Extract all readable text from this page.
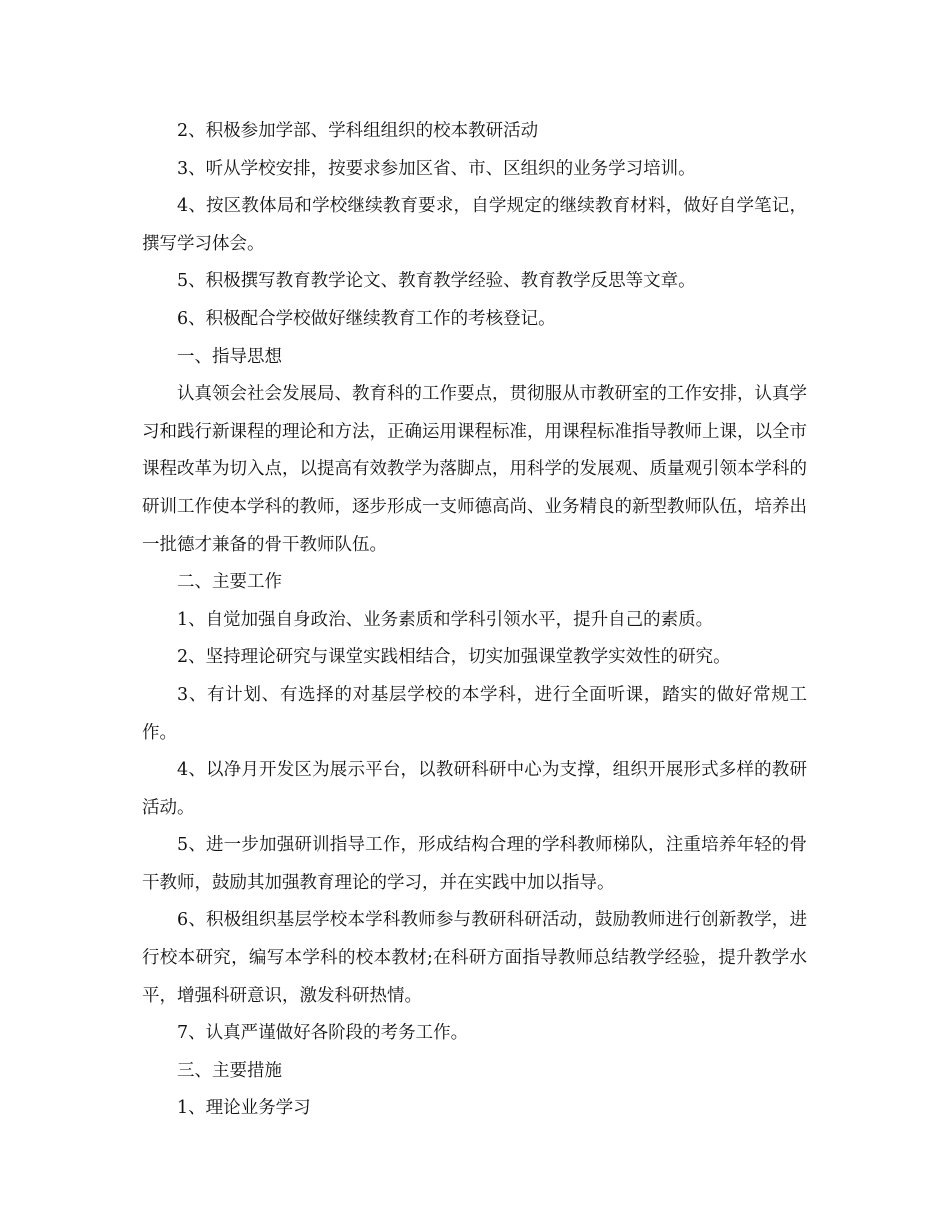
2、积极参加学部、学科组组织的校本教研活动

3、听从学校安排，按要求参加区省、市、区组织的业务学习培训。

4、按区教体局和学校继续教育要求，自学规定的继续教育材料，做好自学笔记，撰写学习体会。

5、积极撰写教育教学论文、教育教学经验、教育教学反思等文章。

6、积极配合学校做好继续教育工作的考核登记。

一、指导思想

认真领会社会发展局、教育科的工作要点，贯彻服从市教研室的工作安排，认真学习和践行新课程的理论和方法，正确运用课程标准，用课程标准指导教师上课，以全市课程改革为切入点，以提高有效教学为落脚点，用科学的发展观、质量观引领本学科的研训工作使本学科的教师，逐步形成一支师德高尚、业务精良的新型教师队伍，培养出一批德才兼备的骨干教师队伍。

二、主要工作

1、自觉加强自身政治、业务素质和学科引领水平，提升自己的素质。

2、坚持理论研究与课堂实践相结合，切实加强课堂教学实效性的研究。

3、有计划、有选择的对基层学校的本学科，进行全面听课，踏实的做好常规工作。

4、以净月开发区为展示平台，以教研科研中心为支撑，组织开展形式多样的教研活动。

5、进一步加强研训指导工作，形成结构合理的学科教师梯队，注重培养年轻的骨干教师，鼓励其加强教育理论的学习，并在实践中加以指导。

6、积极组织基层学校本学科教师参与教研科研活动，鼓励教师进行创新教学，进行校本研究，编写本学科的校本教材;在科研方面指导教师总结教学经验，提升教学水平，增强科研意识，激发科研热情。

7、认真严谨做好各阶段的考务工作。

三、主要措施

1、理论业务学习
